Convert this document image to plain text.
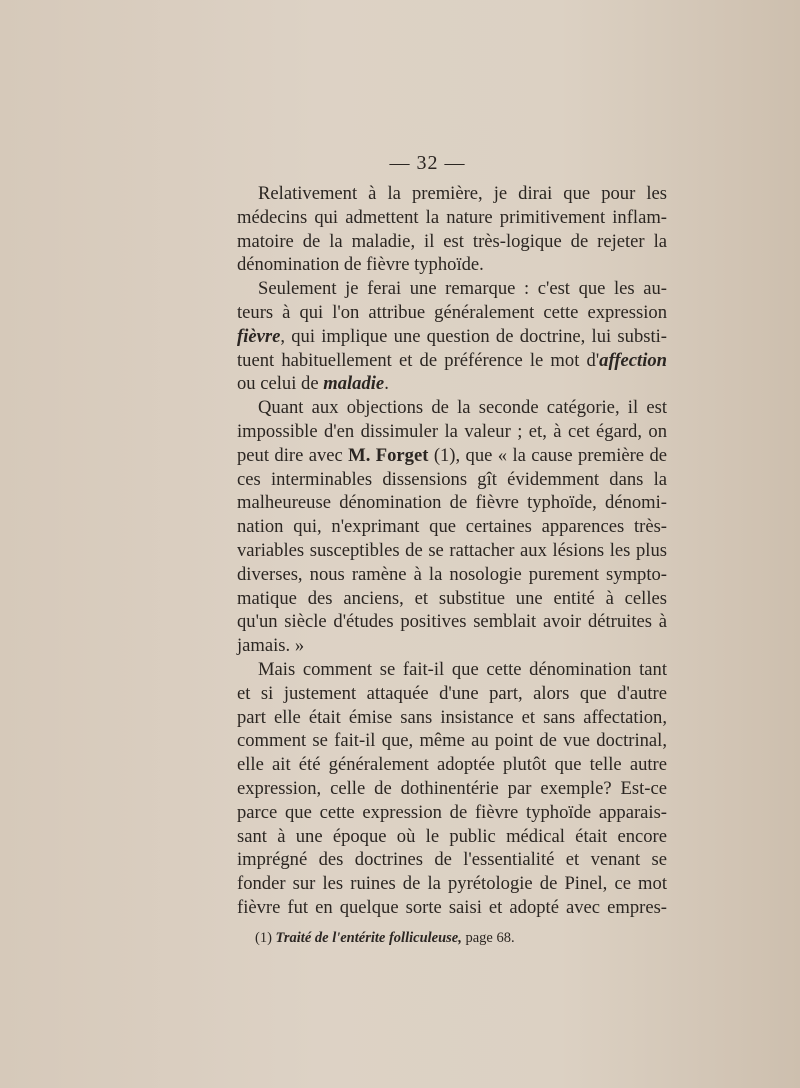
— 32 —

Relativement à la première, je dirai que pour les
médecins qui admettent la nature primitivement inflam-
matoire de la maladie, il est très-logique de rejeter la
dénomination de fièvre typhoïde.

Seulement je ferai une remarque : c'est que les au-
teurs à qui l'on attribue généralement cette expression
fièvre, qui implique une question de doctrine, lui substi-
tuent habituellement et de préférence le mot d'affection
ou celui de maladie.

Quant aux objections de la seconde catégorie, il est
impossible d'en dissimuler la valeur ; et, à cet égard, on
peut dire avec M. Forget (1), que « la cause première de
ces interminables dissensions gît évidemment dans la
malheureuse dénomination de fièvre typhoïde, dénomi-
nation qui, n'exprimant que certaines apparences très-
variables susceptibles de se rattacher aux lésions les plus
diverses, nous ramène à la nosologie purement sympto-
matique des anciens, et substitue une entité à celles
qu'un siècle d'études positives semblait avoir détruites à
jamais. »

Mais comment se fait-il que cette dénomination tant
et si justement attaquée d'une part, alors que d'autre
part elle était émise sans insistance et sans affectation,
comment se fait-il que, même au point de vue doctrinal,
elle ait été généralement adoptée plutôt que telle autre
expression, celle de dothinentérie par exemple? Est-ce
parce que cette expression de fièvre typhoïde apparais-
sant à une époque où le public médical était encore
imprégné des doctrines de l'essentialité et venant se
fonder sur les ruines de la pyrétologie de Pinel, ce mot
fièvre fut en quelque sorte saisi et adopté avec empres-

(1) Traité de l'entérite folliculeuse, page 68.
